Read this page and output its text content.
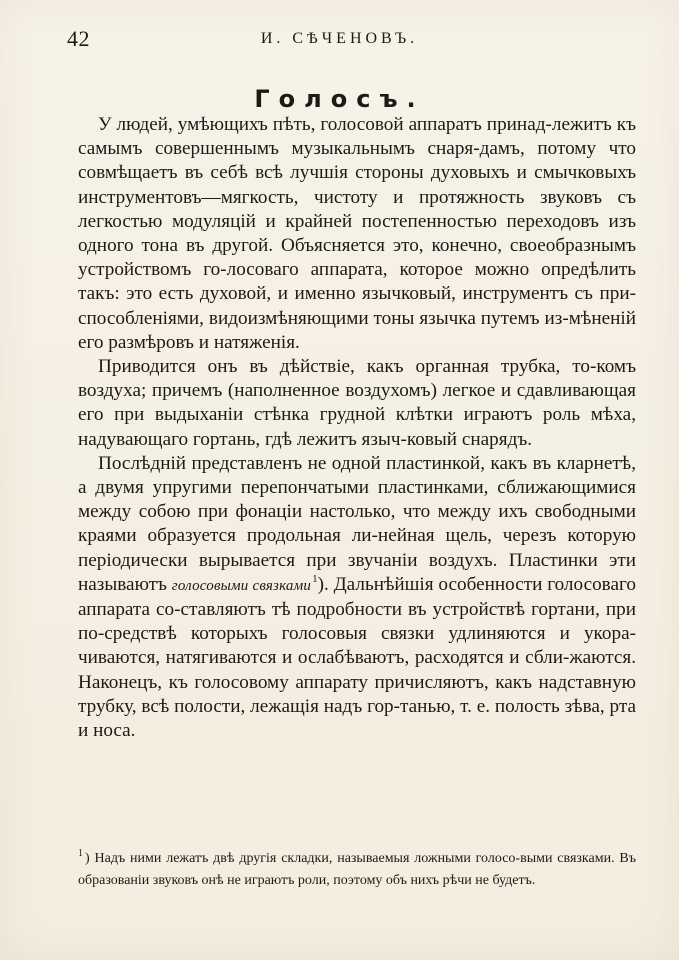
42	И. СѢЧЕНОВЪ.
Голосъ.

У людей, умѣющихъ пѣть, голосовой аппаратъ принад-лежитъ къ самымъ совершеннымъ музыкальнымъ снаря-дамъ, потому что совмѣщаетъ въ себѣ всѣ лучшія стороны духовыхъ и смычковыхъ инструментовъ—мягкость, чистоту и протяжность звуковъ съ легкостью модуляцій и крайней постепенностью переходовъ изъ одного тона въ другой. Объясняется это, конечно, своеобразнымъ устройствомъ го-лосоваго аппарата, которое можно опредѣлить такъ: это есть духовой, и именно язычковый, инструментъ съ при-способленіями, видоизмѣняющими тоны язычка путемъ из-мѣненій его размѣровъ и натяженія.

Приводится онъ въ дѣйствіе, какъ органная трубка, то-комъ воздуха; причемъ (наполненное воздухомъ) легкое и сдавливающая его при выдыханіи стѣнка грудной клѣтки играютъ роль мѣха, надувающаго гортань, гдѣ лежитъ языч-ковый снарядъ.

Послѣдній представленъ не одной пластинкой, какъ въ кларнетѣ, а двумя упругими перепончатыми пластинками, сближающимися между собою при фонаціи настолько, что между ихъ свободными краями образуется продольная ли-нейная щель, черезъ которую періодически вырывается при звучаніи воздухъ. Пластинки эти называютъ голосовыми связками$^1$). Дальнѣйшія особенности голосоваго аппарата со-ставляютъ тѣ подробности въ устройствѣ гортани, при по-средствѣ которыхъ голосовыя связки удлиняются и укора-чиваются, натягиваются и ослабѣваютъ, расходятся и сбли-жаются. Наконецъ, къ голосовому аппарату причисляютъ, какъ надставную трубку, всѣ полости, лежащія надъ гор-танью, т. е. полость зѣва, рта и носа.

$^1$ ) Надъ ними лежатъ двѣ другія складки, называемыя ложными голосо-выми связками. Въ образованіи звуковъ онѣ не играютъ роли, поэтому объ нихъ рѣчи не будетъ.
